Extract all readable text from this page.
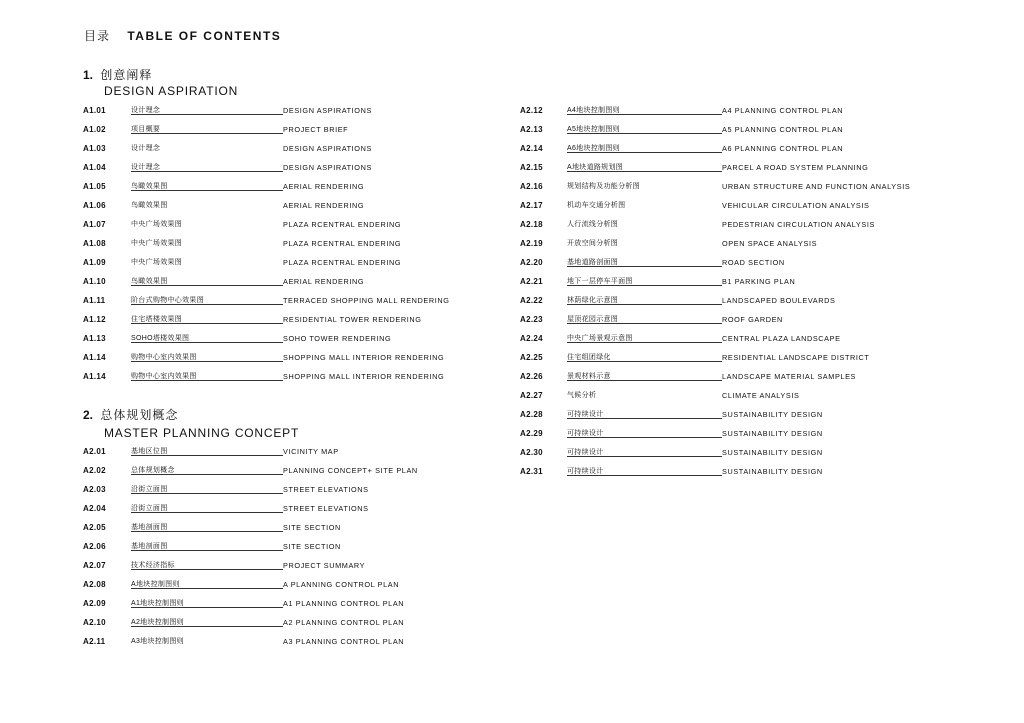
目录 TABLE OF CONTENTS
1. 创意阐释
DESIGN ASPIRATION
2. 总体规划概念
MASTER PLANNING CONCEPT
A1.01	设计理念	DESIGN ASPIRATIONS
A1.02	项目概要	PROJECT BRIEF
A1.03	设计理念	DESIGN ASPIRATIONS
A1.04	设计理念	DESIGN ASPIRATIONS
A1.05	鸟瞰效果图	AERIAL RENDERING
A1.06	鸟瞰效果图	AERIAL RENDERING
A1.07	中央广场效果图	PLAZA RCENTRAL ENDERING
A1.08	中央广场效果图	PLAZA RCENTRAL ENDERING
A1.09	中央广场效果图	PLAZA RCENTRAL ENDERING
A1.10	鸟瞰效果图	AERIAL RENDERING
A1.11	阶台式购物中心效果图	TERRACED SHOPPING MALL RENDERING
A1.12	住宅塔楼效果图	RESIDENTIAL TOWER RENDERING
A1.13	SOHO塔楼效果图	SOHO TOWER RENDERING
A1.14	购物中心室内效果图	SHOPPING MALL INTERIOR RENDERING
A1.14	购物中心室内效果图	SHOPPING MALL INTERIOR RENDERING
A2.01	基地区位图	VICINITY MAP
A2.02	总体规划概念	PLANNING CONCEPT+ SITE PLAN
A2.03	沿街立面图	STREET ELEVATIONS
A2.04	沿街立面图	STREET ELEVATIONS
A2.05	基地剖面图	SITE SECTION
A2.06	基地剖面图	SITE SECTION
A2.07	技术经济指标	PROJECT SUMMARY
A2.08	A地块控制图则	A PLANNING CONTROL PLAN
A2.09	A1地块控制图则	A1 PLANNING CONTROL PLAN
A2.10	A2地块控制图则	A2 PLANNING CONTROL PLAN
A2.11	A3地块控制图则	A3 PLANNING CONTROL PLAN
A2.12	A4地块控制图则	A4 PLANNING CONTROL PLAN
A2.13	A5地块控制图则	A5 PLANNING CONTROL PLAN
A2.14	A6地块控制图则	A6 PLANNING CONTROL PLAN
A2.15	A地块道路规划图	PARCEL A ROAD SYSTEM PLANNING
A2.16	规划结构及功能分析图	URBAN STRUCTURE AND FUNCTION ANALYSIS
A2.17	机动车交通分析图	VEHICULAR CIRCULATION ANALYSIS
A2.18	人行流线分析图	PEDESTRIAN CIRCULATION ANALYSIS
A2.19	开放空间分析图	OPEN SPACE ANALYSIS
A2.20	基地道路剖面图	ROAD SECTION
A2.21	地下一层停车平面图	B1 PARKING PLAN
A2.22	林荫绿化示意图	LANDSCAPED BOULEVARDS
A2.23	屋顶花园示意图	ROOF GARDEN
A2.24	中央广场景观示意图	CENTRAL PLAZA LANDSCAPE
A2.25	住宅组团绿化	RESIDENTIAL LANDSCAPE DISTRICT
A2.26	景观材料示意	LANDSCAPE MATERIAL SAMPLES
A2.27	气候分析	CLIMATE ANALYSIS
A2.28	可持续设计	SUSTAINABILITY DESIGN
A2.29	可持续设计	SUSTAINABILITY DESIGN
A2.30	可持续设计	SUSTAINABILITY DESIGN
A2.31	可持续设计	SUSTAINABILITY DESIGN
